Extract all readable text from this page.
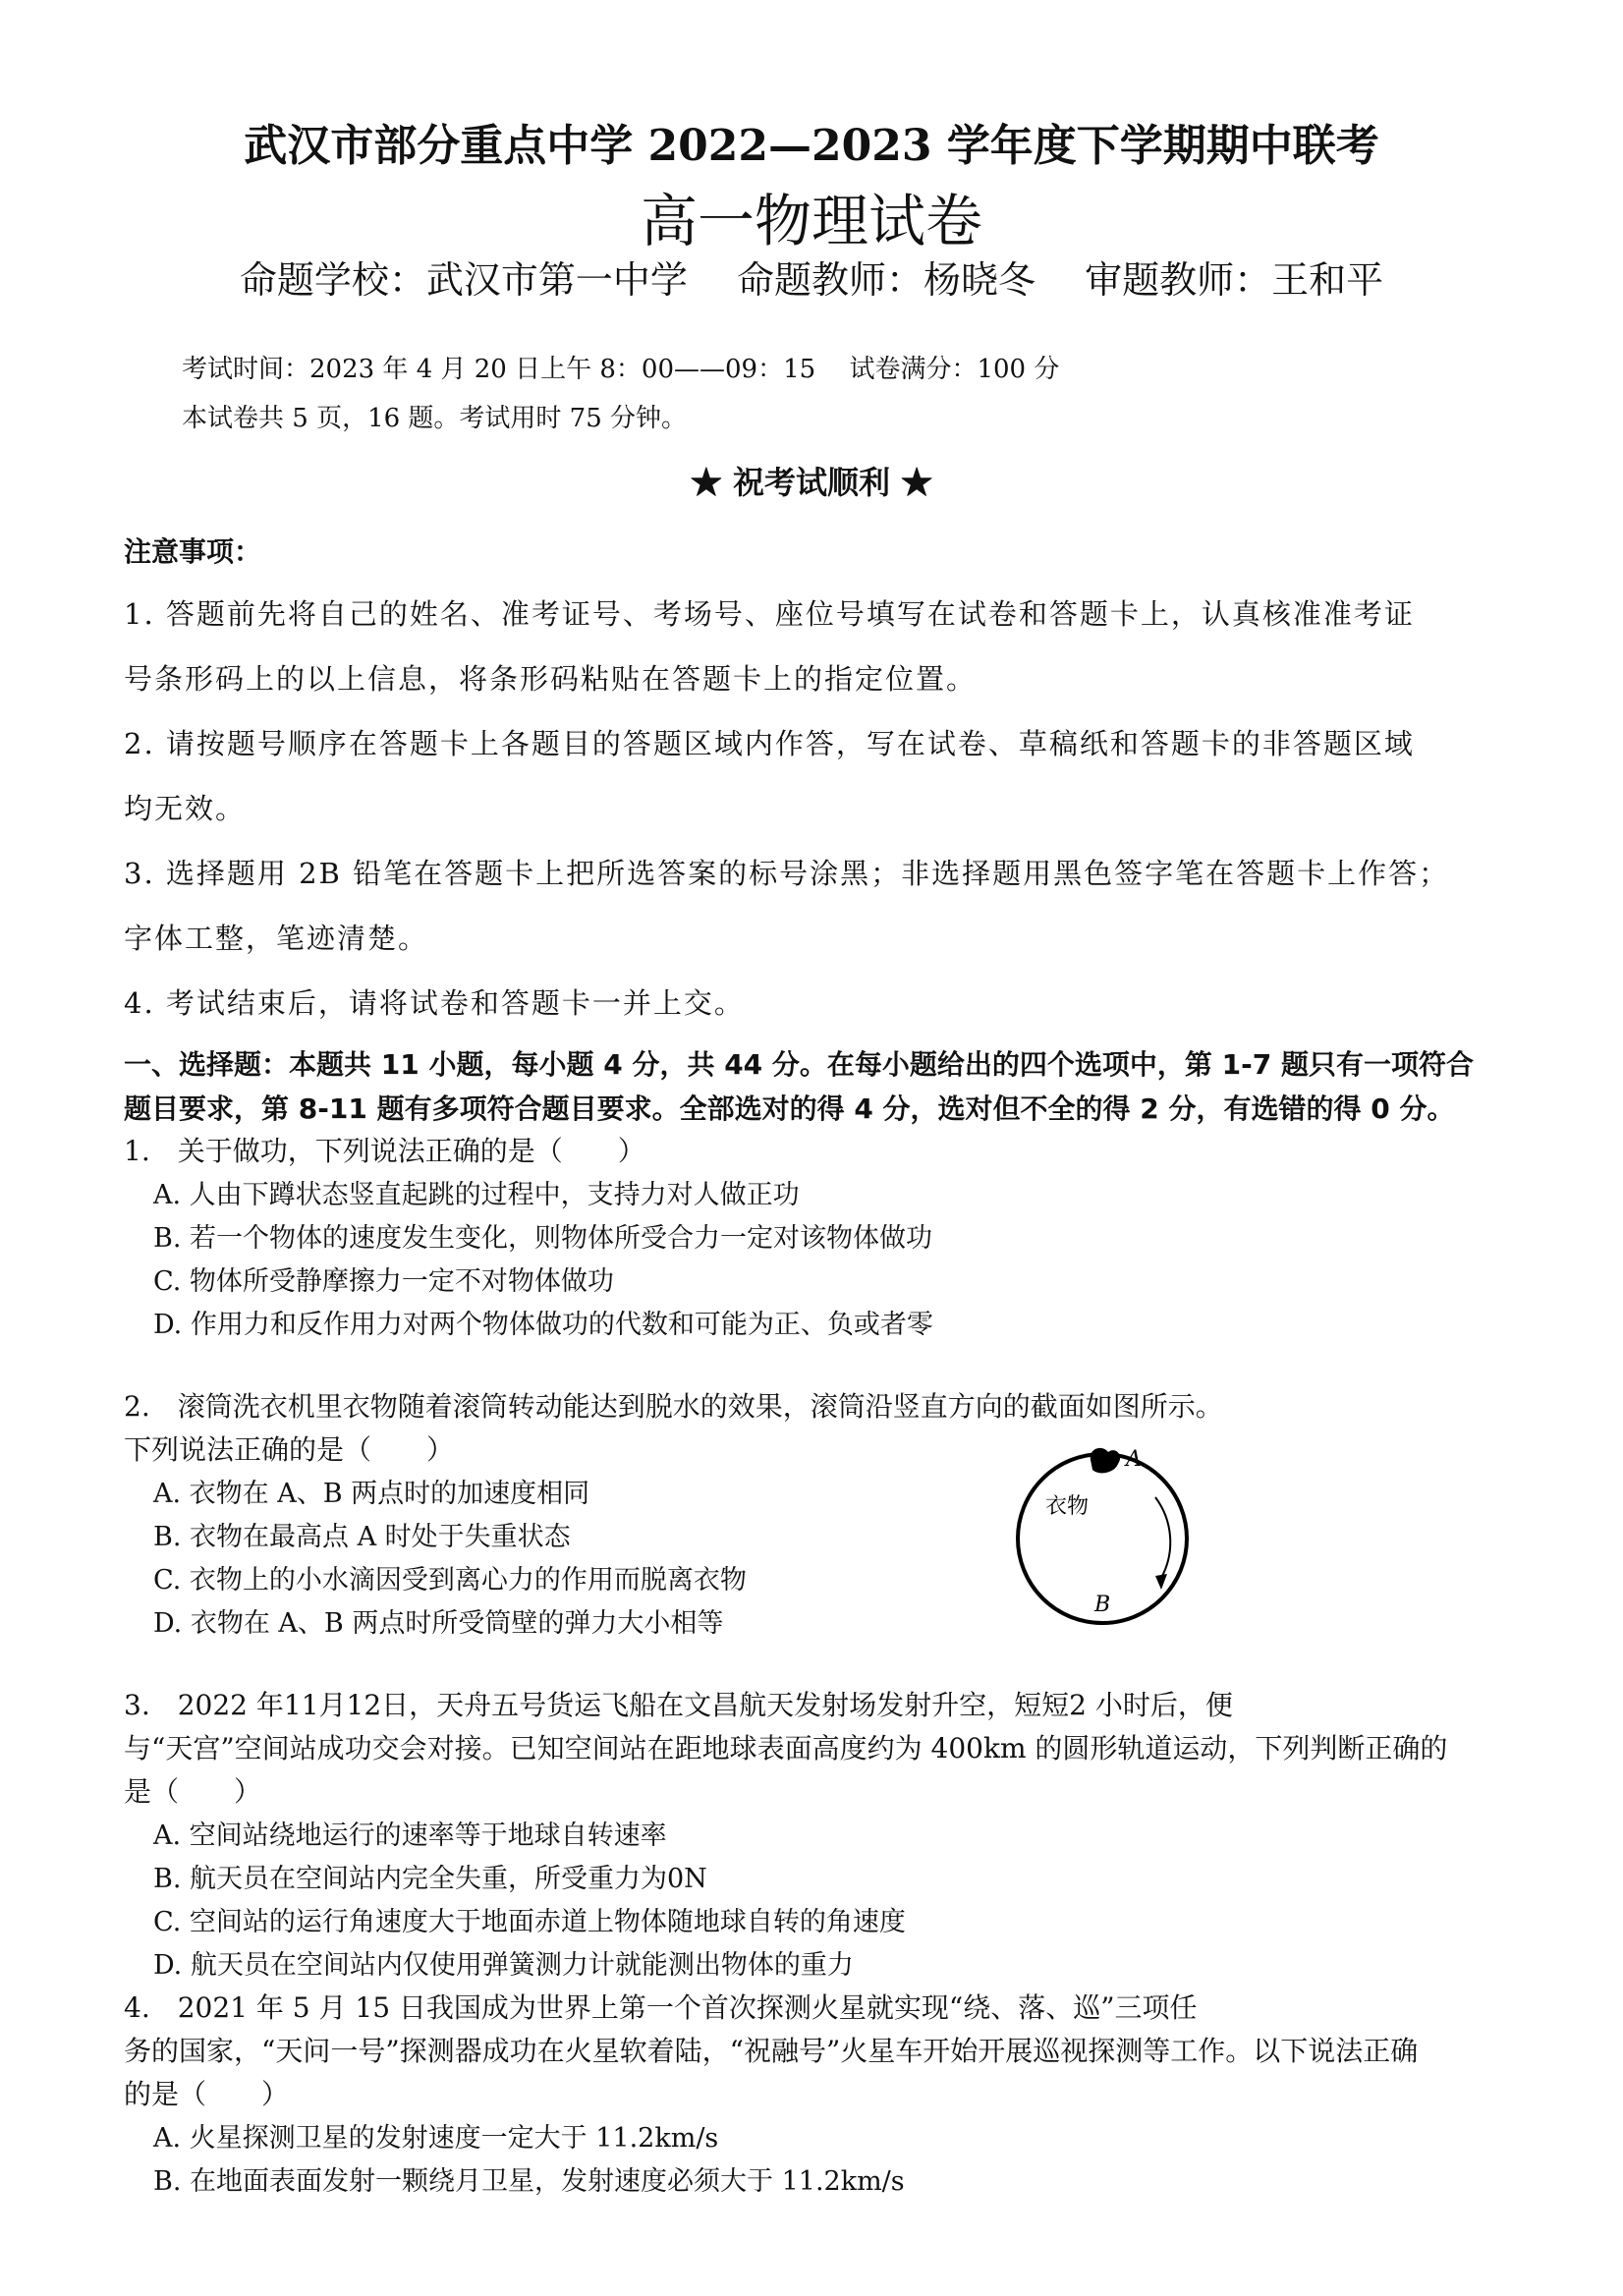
武汉市部分重点中学 2022—2023 学年度下学期期中联考
高一物理试卷
命题学校：武汉市第一中学　 命题教师：杨晓冬　 审题教师：王和平
考试时间：2023 年 4 月 20 日上午 8：00——09：15　 试卷满分：100 分
本试卷共 5 页，16 题。考试用时 75 分钟。
★ 祝考试顺利 ★
注意事项：
1. 答题前先将自己的姓名、准考证号、考场号、座位号填写在试卷和答题卡上，认真核准准考证
号条形码上的以上信息，将条形码粘贴在答题卡上的指定位置。
2. 请按题号顺序在答题卡上各题目的答题区域内作答，写在试卷、草稿纸和答题卡的非答题区域
均无效。
3. 选择题用 2B 铅笔在答题卡上把所选答案的标号涂黑；非选择题用黑色签字笔在答题卡上作答；
字体工整，笔迹清楚。
4. 考试结束后，请将试卷和答题卡一并上交。
一、选择题：本题共 11 小题，每小题 4 分，共 44 分。在每小题给出的四个选项中，第 1-7 题只有一项符合
题目要求，第 8-11 题有多项符合题目要求。全部选对的得 4 分，选对但不全的得 2 分，有选错的得 0 分。
1.　关于做功，下列说法正确的是（　　）
A. 人由下蹲状态竖直起跳的过程中，支持力对人做正功
B. 若一个物体的速度发生变化，则物体所受合力一定对该物体做功
C. 物体所受静摩擦力一定不对物体做功
D. 作用力和反作用力对两个物体做功的代数和可能为正、负或者零
2.　滚筒洗衣机里衣物随着滚筒转动能达到脱水的效果，滚筒沿竖直方向的截面如图所示。
下列说法正确的是（　　）
A. 衣物在 A、B 两点时的加速度相同
B. 衣物在最高点 A 时处于失重状态
C. 衣物上的小水滴因受到离心力的作用而脱离衣物
D. 衣物在 A、B 两点时所受筒壁的弹力大小相等
A
B
衣物
3.　2022 年11月12日，天舟五号货运飞船在文昌航天发射场发射升空，短短2 小时后，便
与“天宫”空间站成功交会对接。已知空间站在距地球表面高度约为 400km 的圆形轨道运动，下列判断正确的
是（　　）
A. 空间站绕地运行的速率等于地球自转速率
B. 航天员在空间站内完全失重，所受重力为0N
C. 空间站的运行角速度大于地面赤道上物体随地球自转的角速度
D. 航天员在空间站内仅使用弹簧测力计就能测出物体的重力
4.　2021 年 5 月 15 日我国成为世界上第一个首次探测火星就实现“绕、落、巡”三项任
务的国家，“天问一号”探测器成功在火星软着陆，“祝融号”火星车开始开展巡视探测等工作。以下说法正确
的是（　　）
A. 火星探测卫星的发射速度一定大于 11.2km/s
B. 在地面表面发射一颗绕月卫星，发射速度必须大于 11.2km/s
